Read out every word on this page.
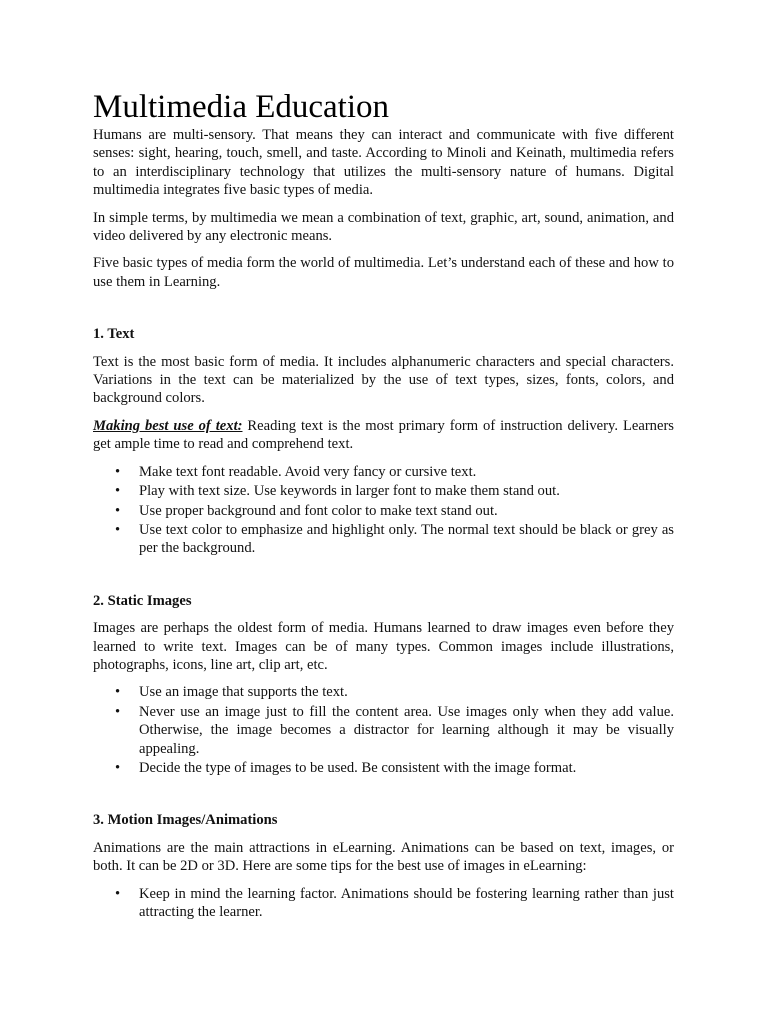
Multimedia Education

Humans are multi-sensory. That means they can interact and communicate with five different senses: sight, hearing, touch, smell, and taste. According to Minoli and Keinath, multimedia refers to an interdisciplinary technology that utilizes the multi-sensory nature of humans. Digital multimedia integrates five basic types of media.

In simple terms, by multimedia we mean a combination of text, graphic, art, sound, animation, and video delivered by any electronic means.

Five basic types of media form the world of multimedia. Let’s understand each of these and how to use them in Learning.

1. Text

Text is the most basic form of media. It includes alphanumeric characters and special characters. Variations in the text can be materialized by the use of text types, sizes, fonts, colors, and background colors.

Making best use of text: Reading text is the most primary form of instruction delivery. Learners get ample time to read and comprehend text.

• Make text font readable. Avoid very fancy or cursive text.
• Play with text size. Use keywords in larger font to make them stand out.
• Use proper background and font color to make text stand out.
• Use text color to emphasize and highlight only. The normal text should be black or grey as per the background.
2. Static Images

Images are perhaps the oldest form of media. Humans learned to draw images even before they learned to write text. Images can be of many types. Common images include illustrations, photographs, icons, line art, clip art, etc.

• Use an image that supports the text.
• Never use an image just to fill the content area. Use images only when they add value. Otherwise, the image becomes a distractor for learning although it may be visually appealing.
• Decide the type of images to be used. Be consistent with the image format.
3. Motion Images/Animations

Animations are the main attractions in eLearning. Animations can be based on text, images, or both. It can be 2D or 3D. Here are some tips for the best use of images in eLearning:

• Keep in mind the learning factor. Animations should be fostering learning rather than just attracting the learner.
